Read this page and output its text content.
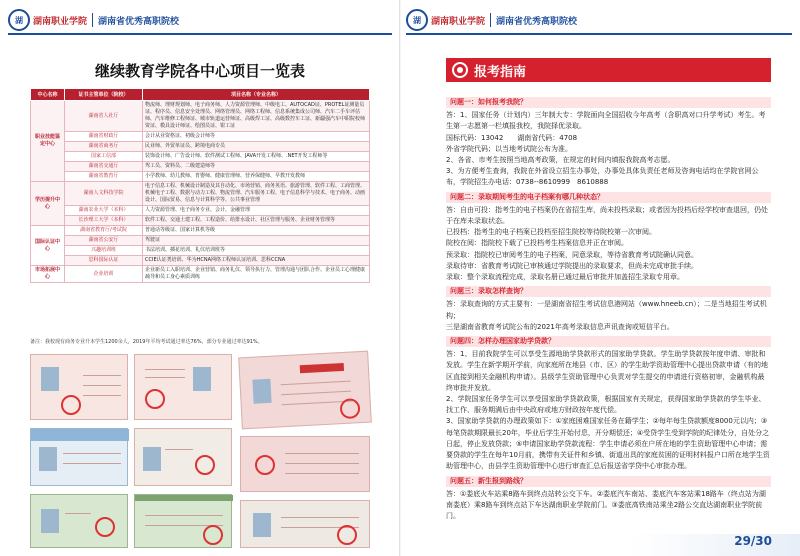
湖 湖南职业学院 湖南省优秀高职院校	湖 湖南职业学院 湖南省优秀高职院校
继续教育学院各中心项目一览表
中心名称	证书主管单位（院校）	项目名称（专业名称）
职业技能鉴定中心	湖南省人社厅	物流师、理财规划师、电子商务师、人力资源管理师、中级电工、AUTOCAD证、PROTEL证测量员证、程序员、信息安全处理员、网络管理员、网络工程师、信息系统集成公司师、汽车二手车评估师、汽车维修工程师证、城市轨道运营师证、高级焊工证、高级数控车工证、新疆强汽车中职院校师资证、模具设计师证、绘图员证、钳工证
	湖南省财政厅	会计从业资格证、初级会计师等
	湖南省商务厅	民业师、外贸单证员、跨境电商专员
	国家工信部	装饰设计师、广告设计师、软件测试工程师、JAVA开发工程师、.NET开发工程师等
	湖南省交通厅	驾工员、资料员、二级建造师等
	湖南省教育厅	小学教师、幼儿教师、育婴师、健康管理师、营养保健师、早教开发教师
学历提升中心	湖南人文科技学院	电子信息工程、机械设计制造及其自动化、市场营销、商务英语、旅游管理、软件工程、工商管理、机械电子工程、数据与动力工程、物流管理、汽车服务工程、电子信息科学与技术、电子商务、动画设计、国际贸易、信息与计算科学等、公共事业管理
	湖南农业大学（本科）	人力资源管理、电子商务专业、会计、金融管理
	长沙理工大学（本科）	软件工程、交通土建工程、工程造价、给排水设计、社区管理与服务、企业财务管理等
国际认证中心	湖南省教育厅/考试院	普通话等级证、国家计算机等级
	湖南省公安厅	驾驶证
	兴趣培训班	书法培训、插花培训、礼仪培训班等
	思科国际认证	CCIE认证类培训、华为HCNA网络工程师认证培训、思科CCNA
市场拓展中心	企业培训	企业新员工入职培训、企业营销、商务礼仪、领导执行力、管理沟通与团队合作、企业员工心理健康疏导和员工身心素质训练
备注：我校现有商务专业升本学生1200余人，2019年平均考试通过率达76%，部分专业通过率达91%。
报考指南
问题一：如何报考我院？
答：1、国家任务（计划内）三年制大专：学院面向全国招收今年高考（含职高对口升学考试）考生。考生第一志愿第一栏填报我校，我院择优录取。
国标代码：13042　　湖南省代码：4708
外省学院代码；以当地考试院公布为准。
2、各省、市考生按照当地高考政策，在规定的时间内填报我院高考志愿。
3、为方便考生查询，我院在外省设立招生办事处，办事处具体负责任老师及咨询电话均在学院官网公布，学院招生办电话：0738--8610999　8610888
问题二：录取期间考生的电子档案有哪几种状态？
答：自由可投：指考生的电子档案仍在省招生库，尚未投档录取；或者因为投档后经学校审查退回，仍处于在库未录取状态。
已投档：指考生的电子档案已投档至招生院校等待院校第一次审阅。
院校在阅：指院校下载了已投档考生档案信息并正在审阅。
预录取：指院校已审阅考生的电子档案，同意录取，等待省教育考试院确认同意。
录取待审：省教育考试院已审核通过学院提出的录取要求，但尚未完成审批手续。
录取：整个录取流程完成，录取名册已通过最后审批并加盖招生录取专用章。
问题三：录取怎样查询？
答：录取查询的方式主要有：一是湖南省招生考试信息港网站（www.hneeb.cn）；二是当地招生考试机构；
三是湖南省教育考试院公布的2021年高考录取信息声讯查询或短信平台。
问题四：怎样办理国家助学贷款？
答：1、目前我院学生可以享受生源地助学贷款形式的国家助学贷款。学生助学贷款按年度申请、审批和发放。学生在新学期开学前，向家庭所在地县（市、区）的学生助学资助管理中心提出贷款申请（有的地区直接到相关金融机构申请）。县级学生资助管理中心负责对学生提交的申请进行资格初审，金融机构最终审批并发放。
2、学院国家任务学生可以享受国家助学贷款政策，根据国家有关规定，获得国家助学贷款的学生毕业、找工作、服务期满后由中央政府或地方财政按年度代偿。
3、国家助学贷款的办理政策如下：①家庭困难国家任务在籍学生；②每年每生贷款额度8000元以内；③每笔贷款期限最长20年，毕业后学生开始付息，开分期偿还；④受贷学生受到学院的纪律处分，自处分之日起，停止发放贷款；⑤申请国家助学贷款流程：学生申请必须在户所在地的学生资助管理中心申请；需要贷款的学生在每年10月前，携带有关证件和乡镇、街道出具的家庭贫困的证明材料报户口所在地学生资助管理中心，由县学生资助管理中心进行审查汇总后报送省学贷中心审批办理。
问题五：新生报到路线？
答：①娄底火车站乘8路车到终点站转公交下车。②娄底汽车南站、娄底汽车客站乘18路车（终点站为湖南娄底）乘8路车到终点站下车达湖南职业学院前门。③娄底高铁南站乘坐2路公交直达湖南职业学院前门。
29/30
